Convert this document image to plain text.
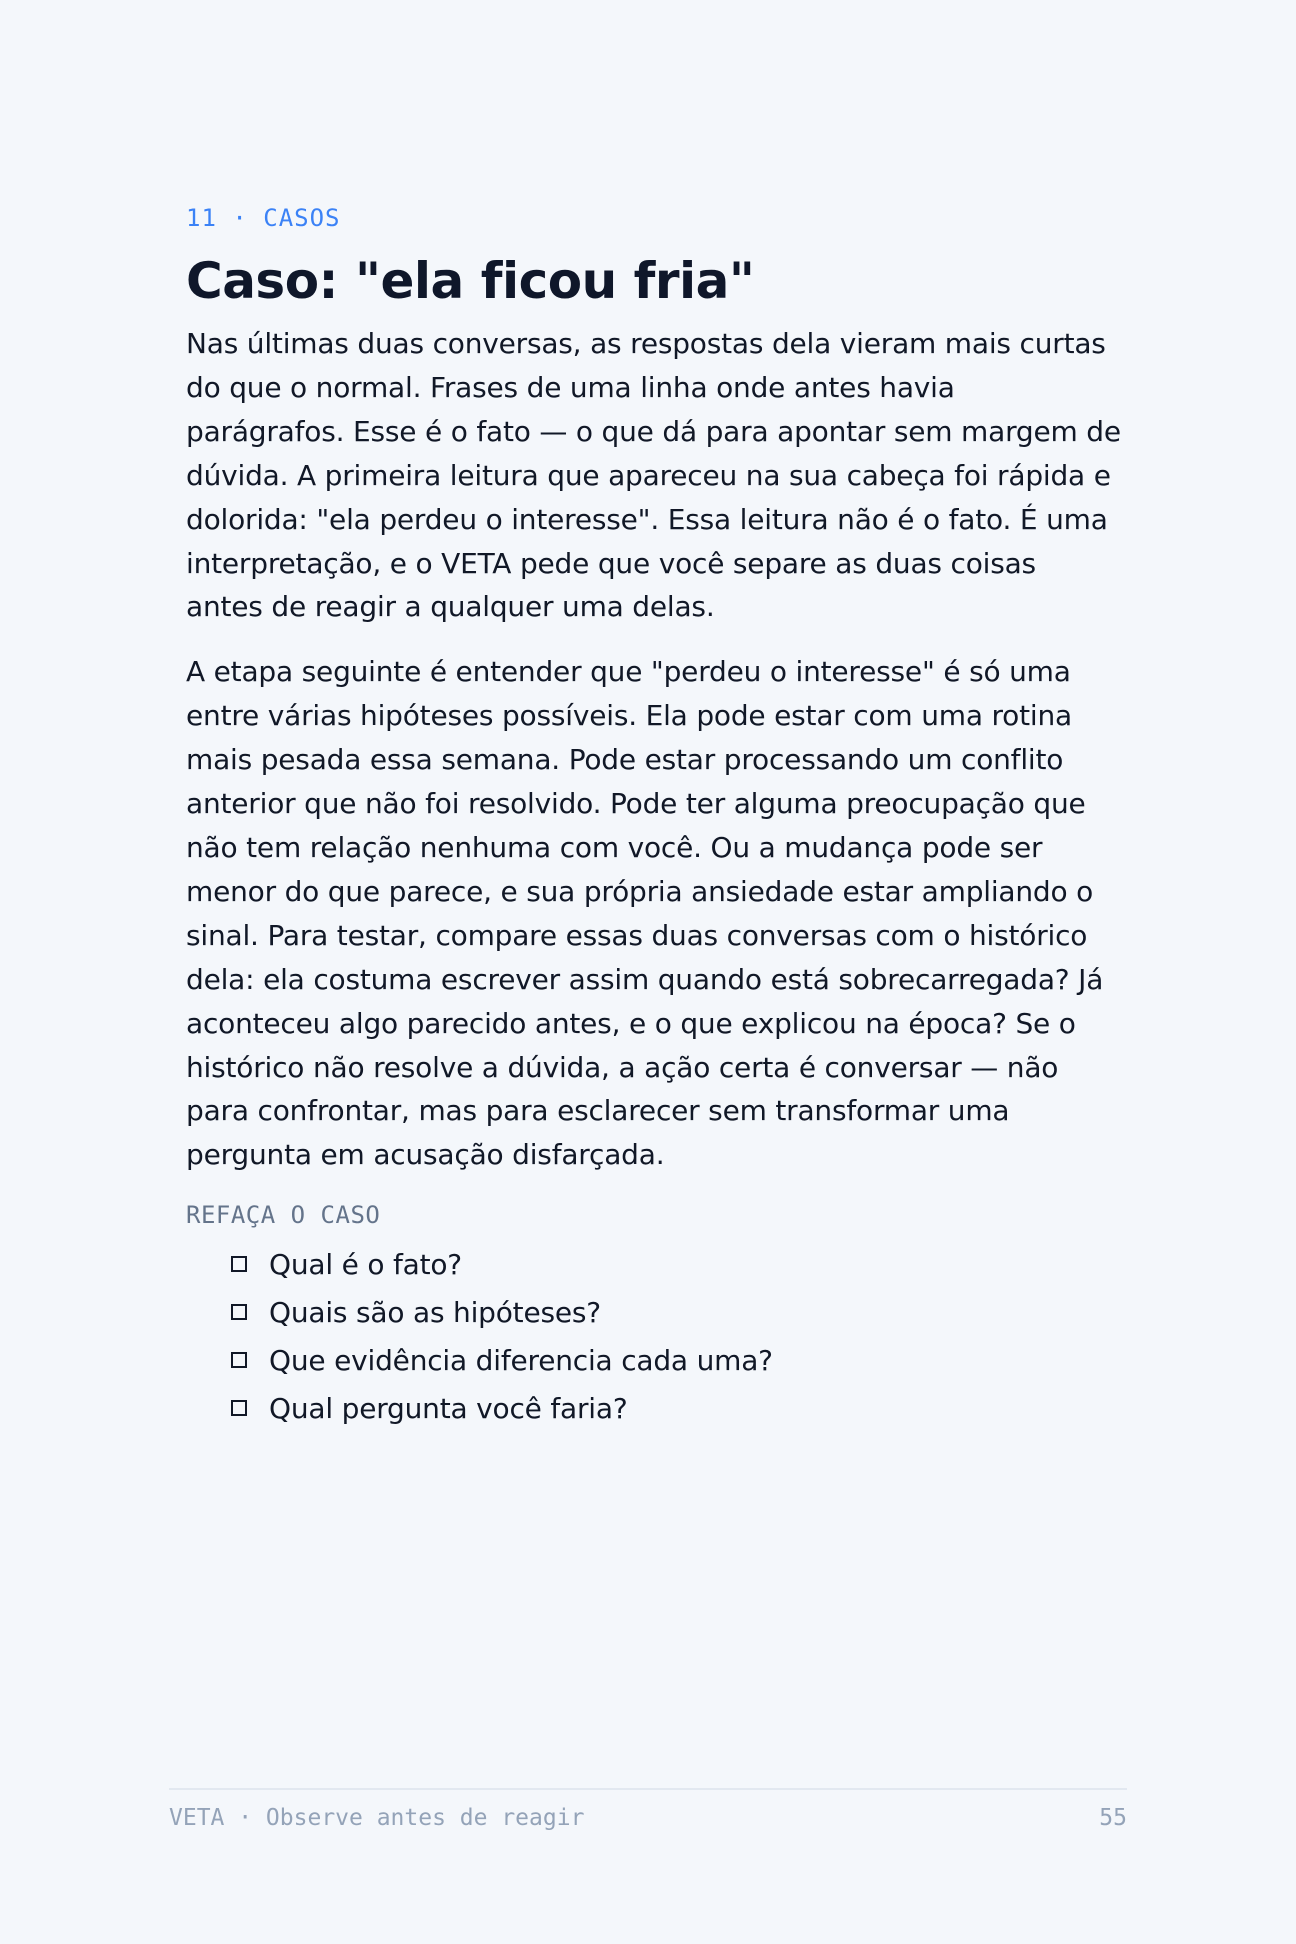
11 · CASOS

Caso: "ela ficou fria"

Nas últimas duas conversas, as respostas dela vieram mais curtas do que o normal. Frases de uma linha onde antes havia parágrafos. Esse é o fato — o que dá para apontar sem margem de dúvida. A primeira leitura que apareceu na sua cabeça foi rápida e dolorida: "ela perdeu o interesse". Essa leitura não é o fato. É uma interpretação, e o VETA pede que você separe as duas coisas antes de reagir a qualquer uma delas.

A etapa seguinte é entender que "perdeu o interesse" é só uma entre várias hipóteses possíveis. Ela pode estar com uma rotina mais pesada essa semana. Pode estar processando um conflito anterior que não foi resolvido. Pode ter alguma preocupação que não tem relação nenhuma com você. Ou a mudança pode ser menor do que parece, e sua própria ansiedade estar ampliando o sinal. Para testar, compare essas duas conversas com o histórico dela: ela costuma escrever assim quando está sobrecarregada? Já aconteceu algo parecido antes, e o que explicou na época? Se o histórico não resolve a dúvida, a ação certa é conversar — não para confrontar, mas para esclarecer sem transformar uma pergunta em acusação disfarçada.

REFAÇA O CASO
Qual é o fato?
Quais são as hipóteses?
Que evidência diferencia cada uma?
Qual pergunta você faria?
VETA · Observe antes de reagir	55
